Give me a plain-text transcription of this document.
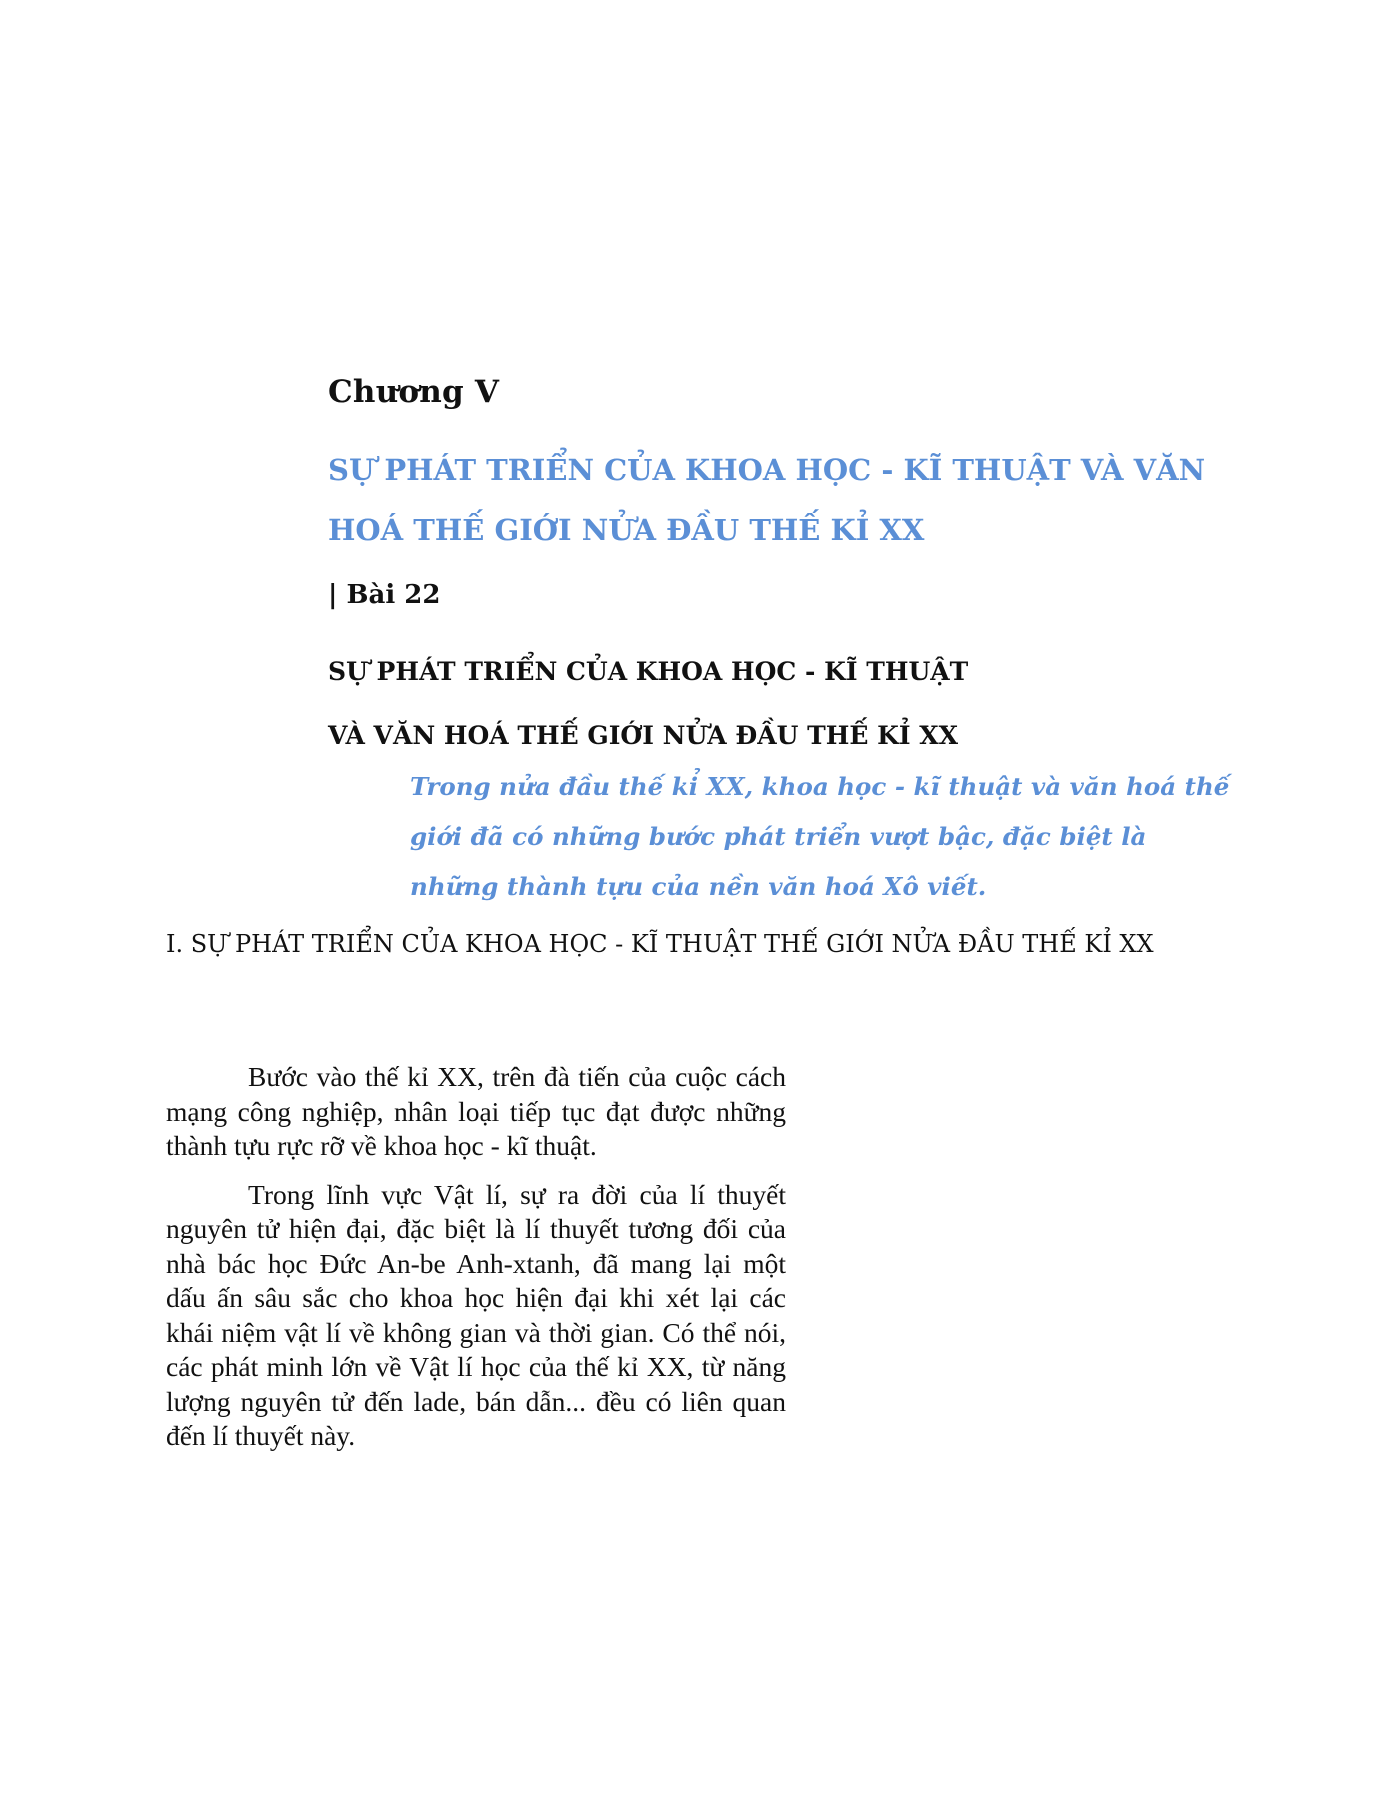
Chương V
SỰ PHÁT TRIỂN CỦA KHOA HỌC - KĨ THUẬT VÀ VĂN HOÁ THẾ GIỚI NỬA ĐẦU THẾ KỈ XX
| Bài 22
SỰ PHÁT TRIỂN CỦA KHOA HỌC - KĨ THUẬT
VÀ VĂN HOÁ THẾ GIỚI NỬA ĐẦU THẾ KỈ XX

Trong nửa đầu thế kỉ XX, khoa học - kĩ thuật và văn hoá thế giới đã có những bước phát triển vượt bậc, đặc biệt là những thành tựu của nền văn hoá Xô viết.

I. SỰ PHÁT TRIỂN CỦA KHOA HỌC - KĨ THUẬT THẾ GIỚI NỬA ĐẦU THẾ KỈ XX

Bước vào thế kỉ XX, trên đà tiến của cuộc cách mạng công nghiệp, nhân loại tiếp tục đạt được những thành tựu rực rỡ về khoa học - kĩ thuật.

Trong lĩnh vực Vật lí, sự ra đời của lí thuyết nguyên tử hiện đại, đặc biệt là lí thuyết tương đối của nhà bác học Đức An-be Anh-xtanh, đã mang lại một dấu ấn sâu sắc cho khoa học hiện đại khi xét lại các khái niệm vật lí về không gian và thời gian. Có thể nói, các phát minh lớn về Vật lí học của thế kỉ XX, từ năng lượng nguyên tử đến lade, bán dẫn... đều có liên quan đến lí thuyết này.
